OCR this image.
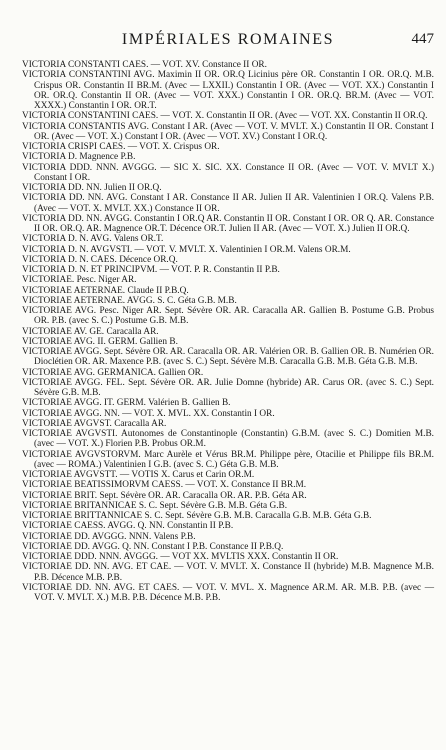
IMPÉRIALES ROMAINES	447
VICTORIA CONSTANTI CAES. — VOT. XV. Constance II OR.
VICTORIA CONSTANTINI AVG. Maximin II OR. OR.Q Licinius père OR. Constantin I OR. OR.Q. M.B. Crispus OR. Constantin II BR.M. (Avec — LXXII.) Constantin I OR. (Avec — VOT. XX.) Constantin I OR. OR.Q. Constantin II OR. (Avec — VOT. XXX.) Constantin I OR. OR.Q. BR.M. (Avec — VOT. XXXX.) Constantin I OR. OR.T.
VICTORIA CONSTANTINI CAES. — VOT. X. Constantin II OR. (Avec — VOT. XX. Constantin II OR.Q.
VICTORIA CONSTANTIS AVG. Constant I AR. (Avec — VOT. V. MVLT. X.) Constantin II OR. Constant I OR. (Avec — VOT. X.) Constant I OR. (Avec — VOT. XV.) Constant I OR.Q.
VICTORIA CRISPI CAES. — VOT. X. Crispus OR.
VICTORIA D. Magnence P.B.
VICTORIA DDD. NNN. AVGGG. — SIC X. SIC. XX. Constance II OR. (Avec — VOT. V. MVLT X.) Constant I OR.
VICTORIA DD. NN. Julien II OR.Q.
VICTORIA DD. NN. AVG. Constant I AR. Constance II AR. Julien II AR. Valentinien I OR.Q. Valens P.B. (Avec — VOT. X. MVLT. XX.) Constance II OR.
VICTORIA DD. NN. AVGG. Constantin I OR.Q AR. Constantin II OR. Constant I OR. OR Q. AR. Constance II OR. OR.Q. AR. Magnence OR.T. Décence OR.T. Julien II AR. (Avec — VOT. X.) Julien II OR.Q.
VICTORIA D. N. AVG. Valens OR.T.
VICTORIA D. N. AVGVSTI. — VOT. V. MVLT. X. Valentinien I OR.M. Valens OR.M.
VICTORIA D. N. CAES. Décence OR.Q.
VICTORIA D. N. ET PRINCIPVM. — VOT. P. R. Constantin II P.B.
VICTORIAE. Pesc. Niger AR.
VICTORIAE AETERNAE. Claude II P.B.Q.
VICTORIAE AETERNAE. AVGG. S. C. Géta G.B. M.B.
VICTORIAE AVG. Pesc. Niger AR. Sept. Sévère OR. AR. Caracalla AR. Gallien B. Postume G.B. Probus OR. P.B. (avec S. C.) Postume G.B. M.B.
VICTORIAE AV. GE. Caracalla AR.
VICTORIAE AVG. II. GERM. Gallien B.
VICTORIAE AVGG. Sept. Sévère OR. AR. Caracalla OR. AR. Valérien OR. B. Gallien OR. B. Numérien OR. Dioclétien OR. AR. Maxence P.B. (avec S. C.) Sept. Sévère M.B. Caracalla G.B. M.B. Géta G.B. M.B.
VICTORIAE AVG. GERMANICA. Gallien OR.
VICTORIAE AVGG. FEL. Sept. Sévère OR. AR. Julie Domne (hybride) AR. Carus OR. (avec S. C.) Sept. Sévère G.B. M.B.
VICTORIAE AVGG. IT. GERM. Valérien B. Gallien B.
VICTORIAE AVGG. NN. — VOT. X. MVL. XX. Constantin I OR.
VICTORIAE AVGVST. Caracalla AR.
VICTORIAE AVGVSTI. Autonomes de Constantinople (Constantin) G.B.M. (avec S. C.) Domitien M.B. (avec — VOT. X.) Florien P.B. Probus OR.M.
VICTORIAE AVGVSTORVM. Marc Aurèle et Vérus BR.M. Philippe père, Otacilie et Philippe fils BR.M. (avec — ROMA.) Valentinien I G.B. (avec S. C.) Géta G.B. M.B.
VICTORIAE AVGVSTT. — VOTIS X. Carus et Carin OR.M.
VICTORIAE BEATISSIMORVM CAESS. — VOT. X. Constance II BR.M.
VICTORIAE BRIT. Sept. Sévère OR. AR. Caracalla OR. AR. P.B. Géta AR.
VICTORIAE BRITANNICAE S. C. Sept. Sévère G.B. M.B. Géta G.B.
VICTORIAE BRITTANNICAE S. C. Sept. Sévère G.B. M.B. Caracalla G.B. M.B. Géta G.B.
VICTORIAE CAESS. AVGG. Q. NN. Constantin II P.B.
VICTORIAE DD. AVGGG. NNN. Valens P.B.
VICTORIAE DD. AVGG. Q. NN. Constant I P.B. Constance II P.B.Q.
VICTORIAE DDD. NNN. AVGGG. — VOT XX. MVLTIS XXX. Constantin II OR.
VICTORIAE DD. NN. AVG. ET CAE. — VOT. V. MVLT. X. Constance II (hybride) M.B. Magnence M.B. P.B. Décence M.B. P.B.
VICTORIAE DD. NN. AVG. ET CAES. — VOT. V. MVL. X. Magnence AR.M. AR. M.B. P.B. (avec — VOT. V. MVLT. X.) M.B. P.B. Décence M.B. P.B.
